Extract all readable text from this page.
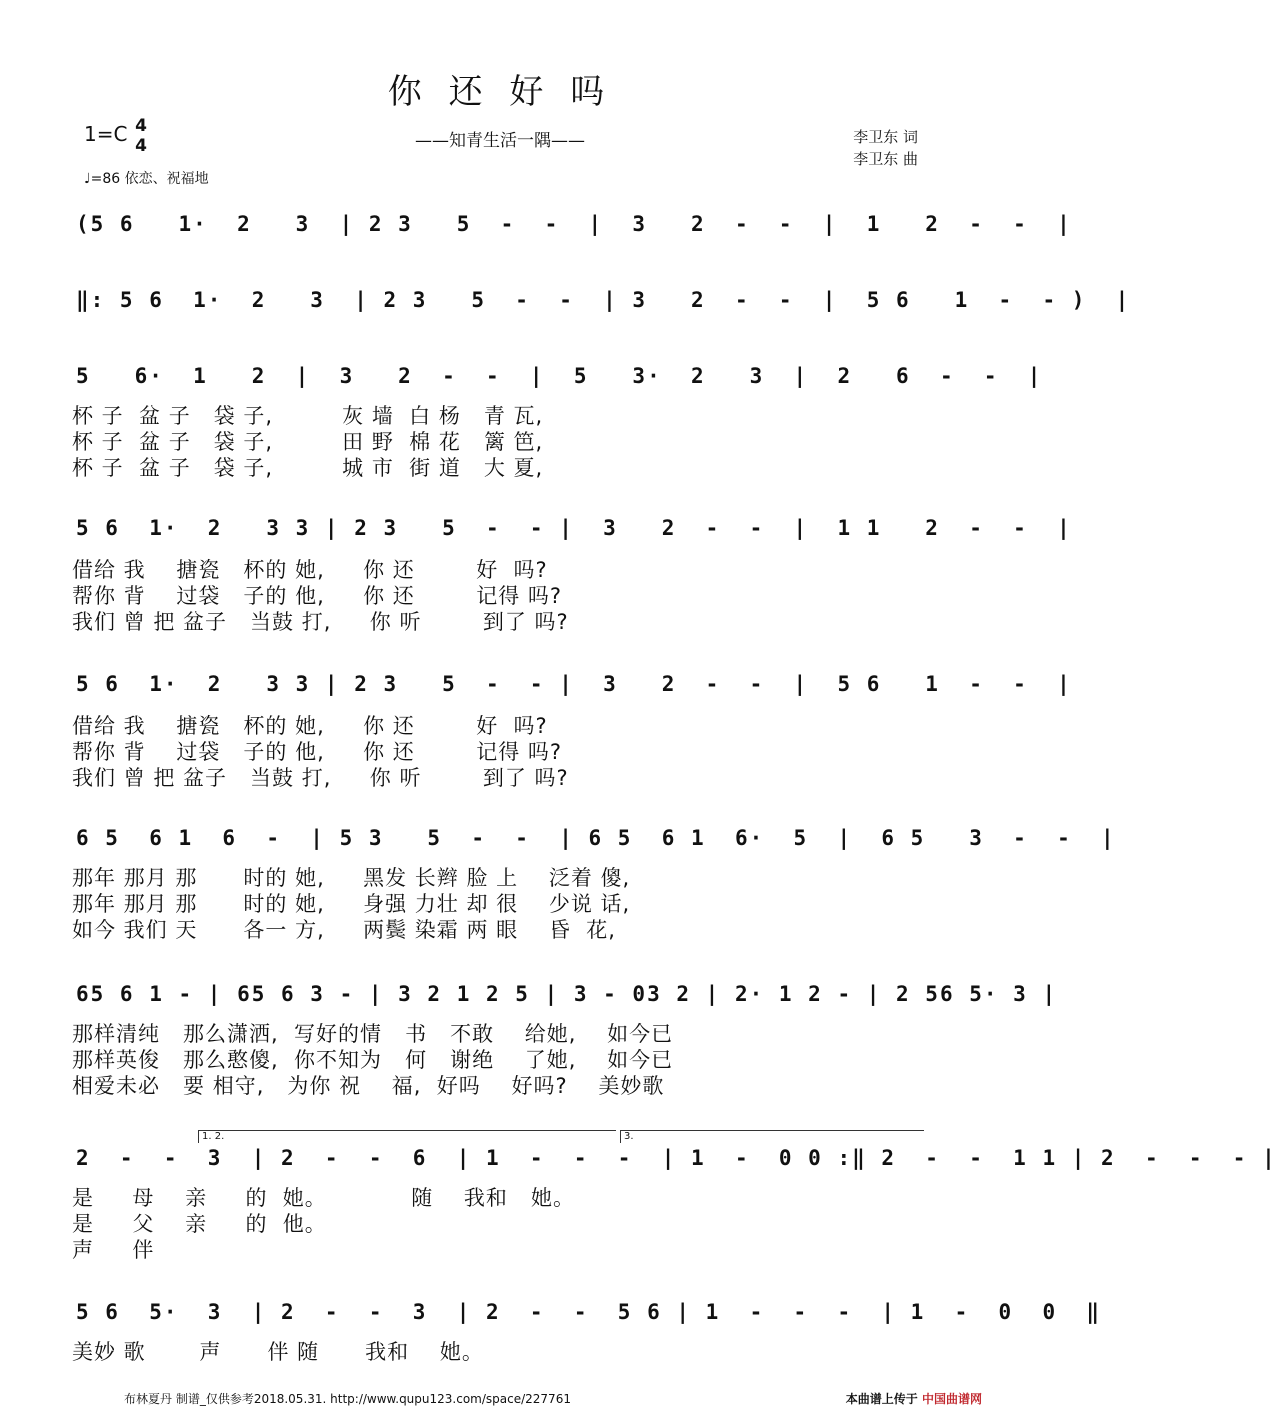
你 还 好 吗
——知青生活一隅——
1=C 4
4
♩=86 依恋、祝福地
李卫东 词
李卫东 曲
(5 6   1·  2   3  | 2 3   5  -  -  |  3   2  -  -  |  1   2  -  -  |
‖: 5 6  1·  2   3  | 2 3   5  -  -  | 3   2  -  -  |  5 6   1  -  - )  |
5   6·  1   2  |  3   2  -  -  |  5   3·  2   3  |  2   6  -  -  |
杯 子  盆 子   袋 子,         灰 墙  白 杨   青 瓦,
杯 子  盆 子   袋 子,         田 野  棉 花   篱 笆,
杯 子  盆 子   袋 子,         城 市  街 道   大 夏,
5 6  1·  2   3 3 | 2 3   5  -  - |  3   2  -  -  |  1 1   2  -  -  |
借给 我    搪瓷   杯的 她,     你 还        好  吗?
帮你 背    过袋   子的 他,     你 还        记得 吗?
我们 曾 把 盆子   当鼓 打,     你 听        到了 吗?
5 6  1·  2   3 3 | 2 3   5  -  - |  3   2  -  -  |  5 6   1  -  -  |
借给 我    搪瓷   杯的 她,     你 还        好  吗?
帮你 背    过袋   子的 他,     你 还        记得 吗?
我们 曾 把 盆子   当鼓 打,     你 听        到了 吗?
6 5  6 1  6  -  | 5 3   5  -  -  | 6 5  6 1  6·  5  |  6 5   3  -  -  |
那年 那月 那      时的 她,     黑发 长辫 脸 上    泛着 傻,
那年 那月 那      时的 她,     身强 力壮 却 很    少说 话,
如今 我们 天      各一 方,     两鬓 染霜 两 眼    昏  花,
65 6 1 - | 65 6 3 - | 3 2 1 2 5 | 3 - 03 2 | 2· 1 2 - | 2 56 5· 3 |
那样清纯   那么潇洒,  写好的情   书   不敢    给她,    如今已
那样英俊   那么憨傻,  你不知为   何   谢绝    了她,    如今已
相爱未必   要 相守,   为你 祝    福,  好吗    好吗?    美妙歌
1. 2.	3.
2  -  -  3  | 2  -  -  6  | 1  -  -  -  | 1  -  0 0 :‖ 2  -  -  1 1 | 2  -  -  - |
是     母    亲     的  她。           随    我和   她。
是     父    亲     的  他。
声     伴
5 6  5·  3  | 2  -  -  3  | 2  -  -  5 6 | 1  -  -  -  | 1  -  0  0  ‖
美妙 歌       声      伴 随      我和    她。
布林夏丹 制谱_仅供参考2018.05.31. http://www.qupu123.com/space/227761	本曲谱上传于 中国曲谱网
